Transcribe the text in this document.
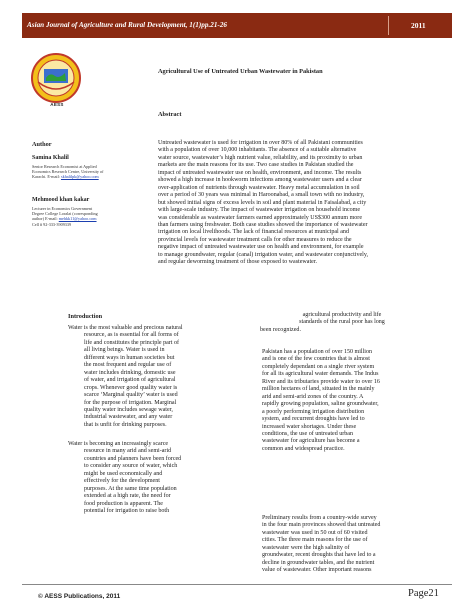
Asian Journal of Agriculture and Rural Development, 1(1)pp.21-26	2011
AESS
Agricultural Use of Untreated Urban Wastewater in Pakistan
Abstract
Untreated wastewater is used for irrigation in over 80% of all Pakistani communities
with a population of over 10,000 inhabitants. The absence of a suitable alternative
water source, wastewater’s high nutrient value, reliability, and its proximity to urban
markets are the main reasons for its use. Two case studies in Pakistan studied the
impact of untreated wastewater use on health, environment, and income. The results
showed a high increase in hookworm infections among wastewater users and a clear
over-application of nutrients through wastewater. Heavy metal accumulation in soil
over a period of 30 years was minimal in Haroonabad, a small town with no industry,
but showed initial signs of excess levels in soil and plant material in Faisalabad, a city
with large-scale industry. The impact of wastewater irrigation on household income
was considerable as wastewater farmers earned approximately US$300 annum more
than farmers using freshwater. Both case studies showed the importance of wastewater
irrigation on local livelihoods. The lack of financial resources at municipal and
provincial levels for wastewater treatment calls for other measures to reduce the
negative impact of untreated wastewater use on health and environment, for example
to manage groundwater, regular (canal) irrigation water, and wastewater conjunctively,
and regular deworming treatment of those exposed to wastewater.
Author
Samina Khalil
Senior Research Economist at Applied
Economics Research Centre, University of
Karachi. E-mail: skhalilpk@yahoo.com
Mehmood khan kakar
Lecturer in Economics Government
Degree College Loralai (corresponding
author) E-mail: mehkk11@yahoo.com
Cell # 92-333-3909339
Introduction
Water is the most valuable and precious natural
resource, as is essential for all forms of
life and constitutes the principle part of
all living beings. Water is used in
different ways in human societies but
the most frequent and regular use of
water includes drinking, domestic use
of water, and irrigation of agricultural
crops. Whenever good quality water is
scarce ‘Marginal quality’ water is used
for the purpose of irrigation. Marginal
quality water includes sewage water,
industrial wastewater, and any water
that is unfit for drinking purposes.
Water is becoming an increasingly scarce
resource in many arid and semi-arid
countries and planners have been forced
to consider any source of water, which
might be used economically and
effectively for the development
purposes. At the same time population
extended at a high rate, the need for
food production is apparent. The
potential for irrigation to raise both
agricultural productivity and life
standards of the rural poor has long
been recognized.
Pakistan has a population of over 150 million
and is one of the few countries that is almost
completely dependant on a single river system
for all its agricultural water demands. The Indus
River and its tributaries provide water to over 16
million hectares of land, situated in the mainly
arid and semi-arid zones of the country. A
rapidly growing population, saline groundwater,
a poorly performing irrigation distribution
system, and recurrent droughts have led to
increased water shortages. Under these
conditions, the use of untreated urban
wastewater for agriculture has become a
common and widespread practice.
Preliminary results from a country-wide survey
in the four main provinces showed that untreated
wastewater was used in 50 out of 60 visited
cities. The three main reasons for the use of
wastewater were the high salinity of
groundwater, recent droughts that have led to a
decline in groundwater tables, and the nutrient
value of wastewater. Other important reasons
© AESS Publications, 2011	Page21
